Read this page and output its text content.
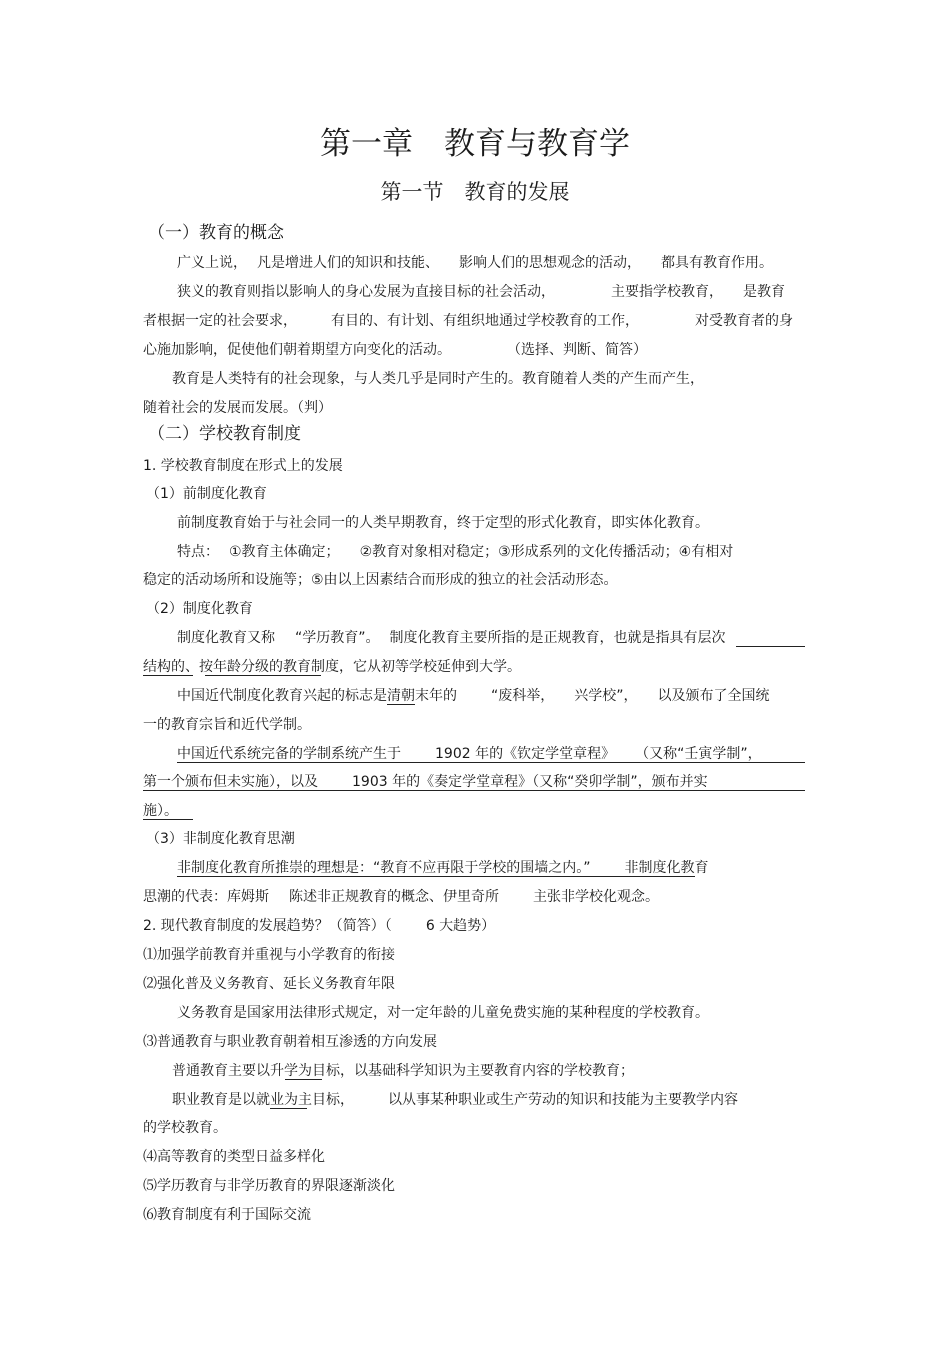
第一章　教育与教育学
第一节　教育的发展
（一）教育的概念
广义上说， 凡是增进人们的知识和技能、 影响人们的思想观念的活动， 都具有教育作用。
狭义的教育则指以影响人的身心发展为直接目标的社会活动，	主要指学校教育， 是教育
者根据一定的社会要求， 有目的、有计划、有组织地通过学校教育的工作，	对受教育者的身
心施加影响，促使他们朝着期望方向变化的活动。	（选择、判断、简答）
教育是人类特有的社会现象，与人类几乎是同时产生的。教育随着人类的产生而产生，
随着社会的发展而发展。（判）
（二）学校教育制度
1. 学校教育制度在形式上的发展
（1）前制度化教育
前制度教育始于与社会同一的人类早期教育，终于定型的形式化教育，即实体化教育。
特点： ①教育主体确定； ②教育对象相对稳定；③形成系列的文化传播活动；④有相对
稳定的活动场所和设施等；⑤由以上因素结合而形成的独立的社会活动形态。
（2）制度化教育
制度化教育又称 “学历教育”。 制度化教育主要所指的是正规教育，也就是指具有层次
结构的、按年龄分级的教育制度，它从初等学校延伸到大学。
中国近代制度化教育兴起的标志是清朝末年的 “废科举， 兴学校”， 以及颁布了全国统
一的教育宗旨和近代学制。
中国近代系统完备的学制系统产生于 1902 年的《钦定学堂章程》 （又称“壬寅学制”，
第一个颁布但未实施），以及 1903 年的《奏定学堂章程》（又称“癸卯学制”，颁布并实
施）。
（3）非制度化教育思潮
非制度化教育所推崇的理想是：“教育不应再限于学校的围墙之内。” 非制度化教育
思潮的代表：库姆斯 陈述非正规教育的概念、伊里奇所 主张非学校化观念。
2. 现代教育制度的发展趋势？（简答）（ 6 大趋势）
⑴加强学前教育并重视与小学教育的衔接
⑵强化普及义务教育、延长义务教育年限
义务教育是国家用法律形式规定，对一定年龄的儿童免费实施的某种程度的学校教育。
⑶普通教育与职业教育朝着相互渗透的方向发展
普通教育主要以升学为目标，以基础科学知识为主要教育内容的学校教育；
职业教育是以就业为主目标， 以从事某种职业或生产劳动的知识和技能为主要教学内容
的学校教育。
⑷高等教育的类型日益多样化
⑸学历教育与非学历教育的界限逐渐淡化
⑹教育制度有利于国际交流
